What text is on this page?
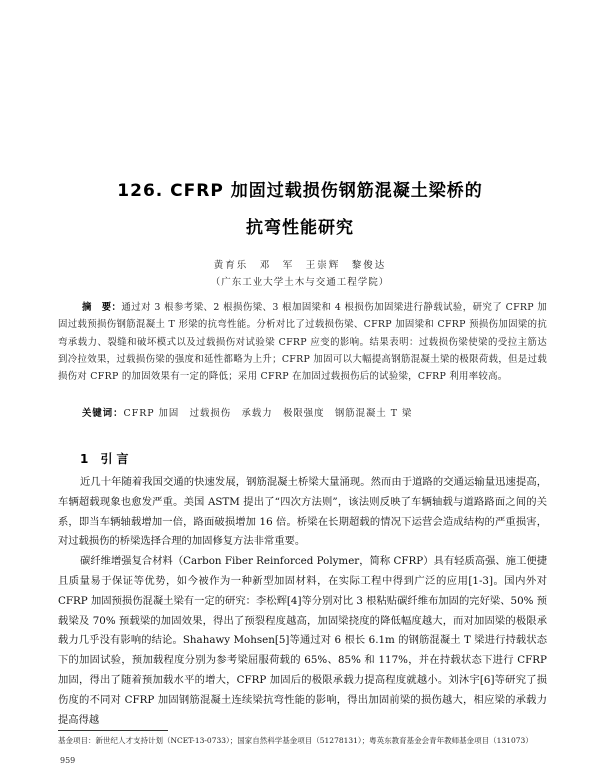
126. CFRP 加固过载损伤钢筋混凝土梁桥的
抗弯性能研究
黄育乐　邓　军　王崇辉　黎俊达
（广东工业大学土木与交通工程学院）
摘　要：通过对 3 根参考梁、2 根损伤梁、3 根加固梁和 4 根损伤加固梁进行静载试验，研究了 CFRP 加固过载预损伤钢筋混凝土 T 形梁的抗弯性能。分析对比了过载损伤梁、CFRP 加固梁和 CFRP 预损伤加固梁的抗弯承载力、裂缝和破坏模式以及过载损伤对试验梁 CFRP 应变的影响。结果表明：过载损伤梁使梁的受拉主筋达到冷拉效果，过载损伤梁的强度和延性都略为上升；CFRP 加固可以大幅提高钢筋混凝土梁的极限荷载，但是过载损伤对 CFRP 的加固效果有一定的降低；采用 CFRP 在加固过载损伤后的试验梁，CFRP 利用率较高。
关键词：CFRP 加固　过载损伤　承载力　极限强度　钢筋混凝土 T 梁
1 引言

近几十年随着我国交通的快速发展，钢筋混凝土桥梁大量涌现。然而由于道路的交通运输量迅速提高，车辆超载现象也愈发严重。美国 ASTM 提出了“四次方法则”，该法则反映了车辆轴载与道路路面之间的关系，即当车辆轴载增加一倍，路面破损增加 16 倍。桥梁在长期超载的情况下运营会造成结构的严重损害，对过载损伤的桥梁选择合理的加固修复方法非常重要。

碳纤维增强复合材料（Carbon Fiber Reinforced Polymer，简称 CFRP）具有轻质高强、施工便捷且质量易于保证等优势，如今被作为一种新型加固材料，在实际工程中得到广泛的应用[1-3]。国内外对 CFRP 加固预损伤混凝土梁有一定的研究：李松辉[4]等分别对比 3 根粘贴碳纤维布加固的完好梁、50% 预载梁及 70% 预载梁的加固效果，得出了预裂程度越高，加固梁挠度的降低幅度越大，而对加固梁的极限承载力几乎没有影响的结论。Shahawy Mohsen[5]等通过对 6 根长 6.1m 的钢筋混凝土 T 梁进行持载状态下的加固试验，预加载程度分别为参考梁屈服荷载的 65%、85% 和 117%，并在持载状态下进行 CFRP 加固，得出了随着预加载水平的增大，CFRP 加固后的极限承载力提高程度就越小。刘沐宇[6]等研究了损伤度的不同对 CFRP 加固钢筋混凝土连续梁抗弯性能的影响，得出加固前梁的损伤越大，相应梁的承载力提高得越

基金项目：新世纪人才支持计划（NCET-13-0733）；国家自然科学基金项目（51278131）；粤英东教育基金会青年教师基金项目（131073）
959
